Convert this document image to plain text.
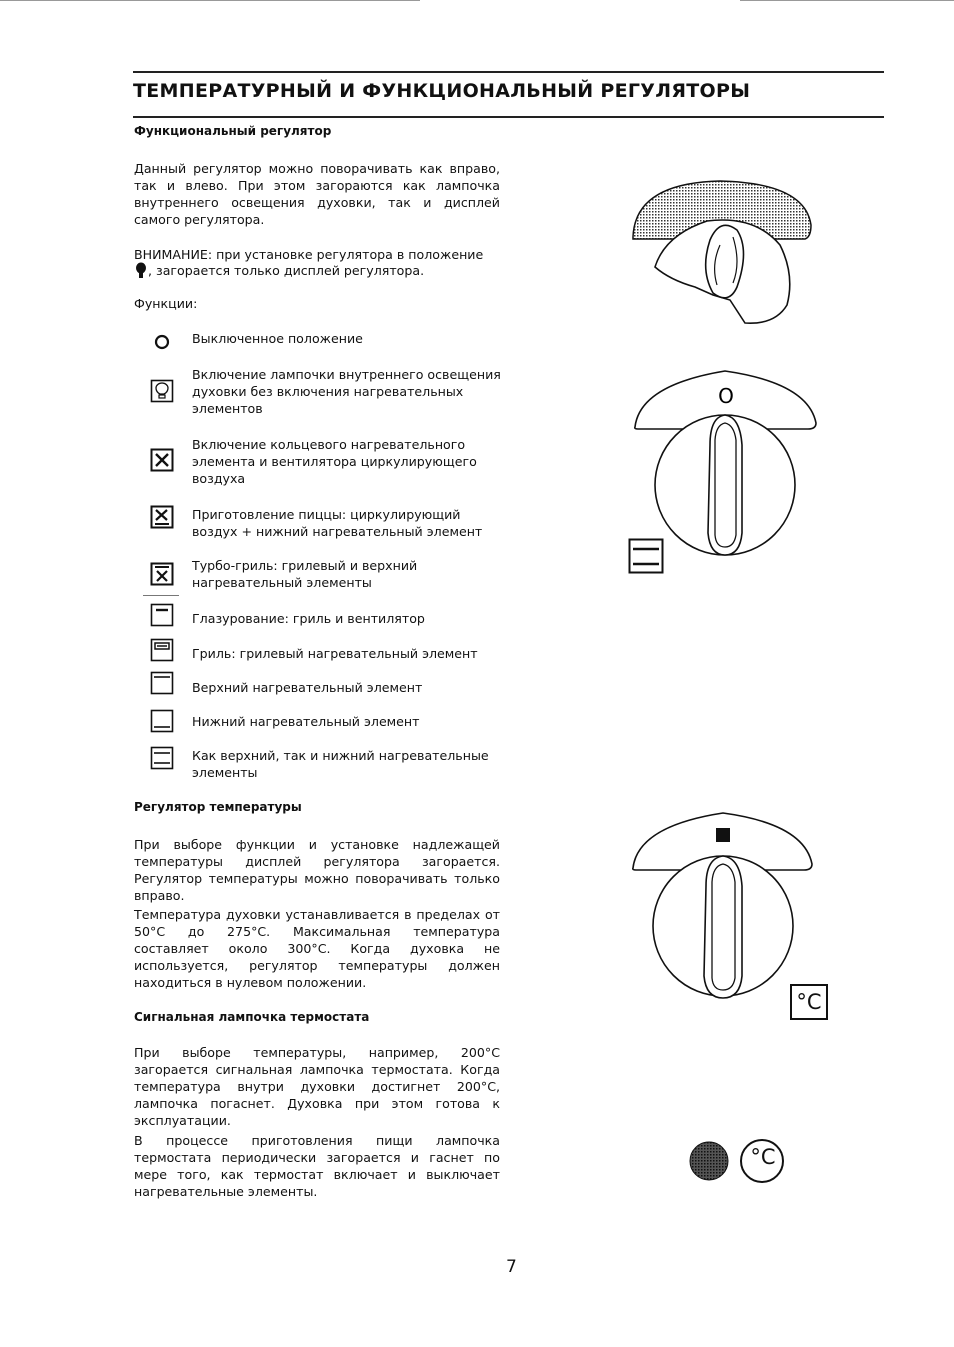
ТЕМПЕРАТУРНЫЙ И ФУНКЦИОНАЛЬНЫЙ РЕГУЛЯТОРЫ
Функциональный регулятор
Данный регулятор можно поворачивать как вправо, так и влево. При этом загораются как лампочка внутреннего освещения духовки, так и дисплей самого регулятора.
ВНИМАНИЕ: при установке регулятора в положение
, загорается только дисплей регулятора.
Функции:
Выключенное положение
Включение лампочки внутреннего освещения духовки без включения нагревательных элементов
Включение кольцевого нагревательного элемента и вентилятора циркулирующего воздуха
Приготовление пиццы: циркулирующий воздух + нижний нагревательный элемент
Турбо-гриль: грилевый и верхний нагревательный элементы
Глазурование: гриль и вентилятор
Гриль: грилевый нагревательный элемент
Верхний нагревательный элемент
Нижний нагревательный элемент
Как верхний, так и нижний нагревательные элементы
Регулятор температуры
При выборе функции и установке надлежащей температуры дисплей регулятора загорается. Регулятор температуры можно поворачивать только вправо.
Температура духовки устанавливается в пределах от 50°С до 275°С. Максимальная температура составляет около 300°С. Когда духовка не используется, регулятор температуры должен находиться в нулевом положении.
Сигнальная лампочка термостата
При выборе температуры, например, 200°С загорается сигнальная лампочка термостата. Когда температура внутри духовки достигнет 200°С, лампочка погаснет. Духовка при этом готова к эксплуатации.
В процессе приготовления пищи лампочка термостата периодически загорается и гаснет по мере того, как термостат включает и выключает нагревательные элементы.
O
°C
°C
7
